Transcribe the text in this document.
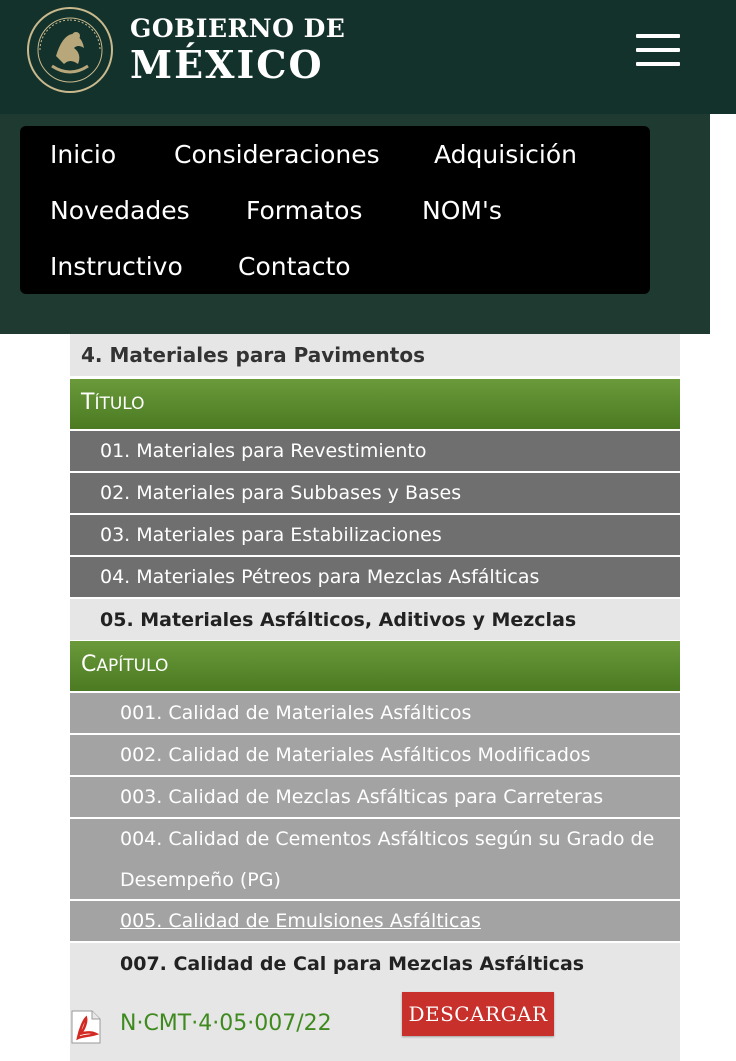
GOBIERNO DE
MÉXICO
Inicio Consideraciones Adquisición
Novedades Formatos NOM's
Instructivo Contacto
4. Materiales para Pavimentos
TÍTULO
01. Materiales para Revestimiento
02. Materiales para Subbases y Bases
03. Materiales para Estabilizaciones
04. Materiales Pétreos para Mezclas Asfálticas
05. Materiales Asfálticos, Aditivos y Mezclas
CAPÍTULO
001. Calidad de Materiales Asfálticos
002. Calidad de Materiales Asfálticos Modificados
003. Calidad de Mezclas Asfálticas para Carreteras
004. Calidad de Cementos Asfálticos según su Grado de Desempeño (PG)
005. Calidad de Emulsiones Asfálticas
007. Calidad de Cal para Mezclas Asfálticas
N·CMT·4·05·007/22	DESCARGAR
